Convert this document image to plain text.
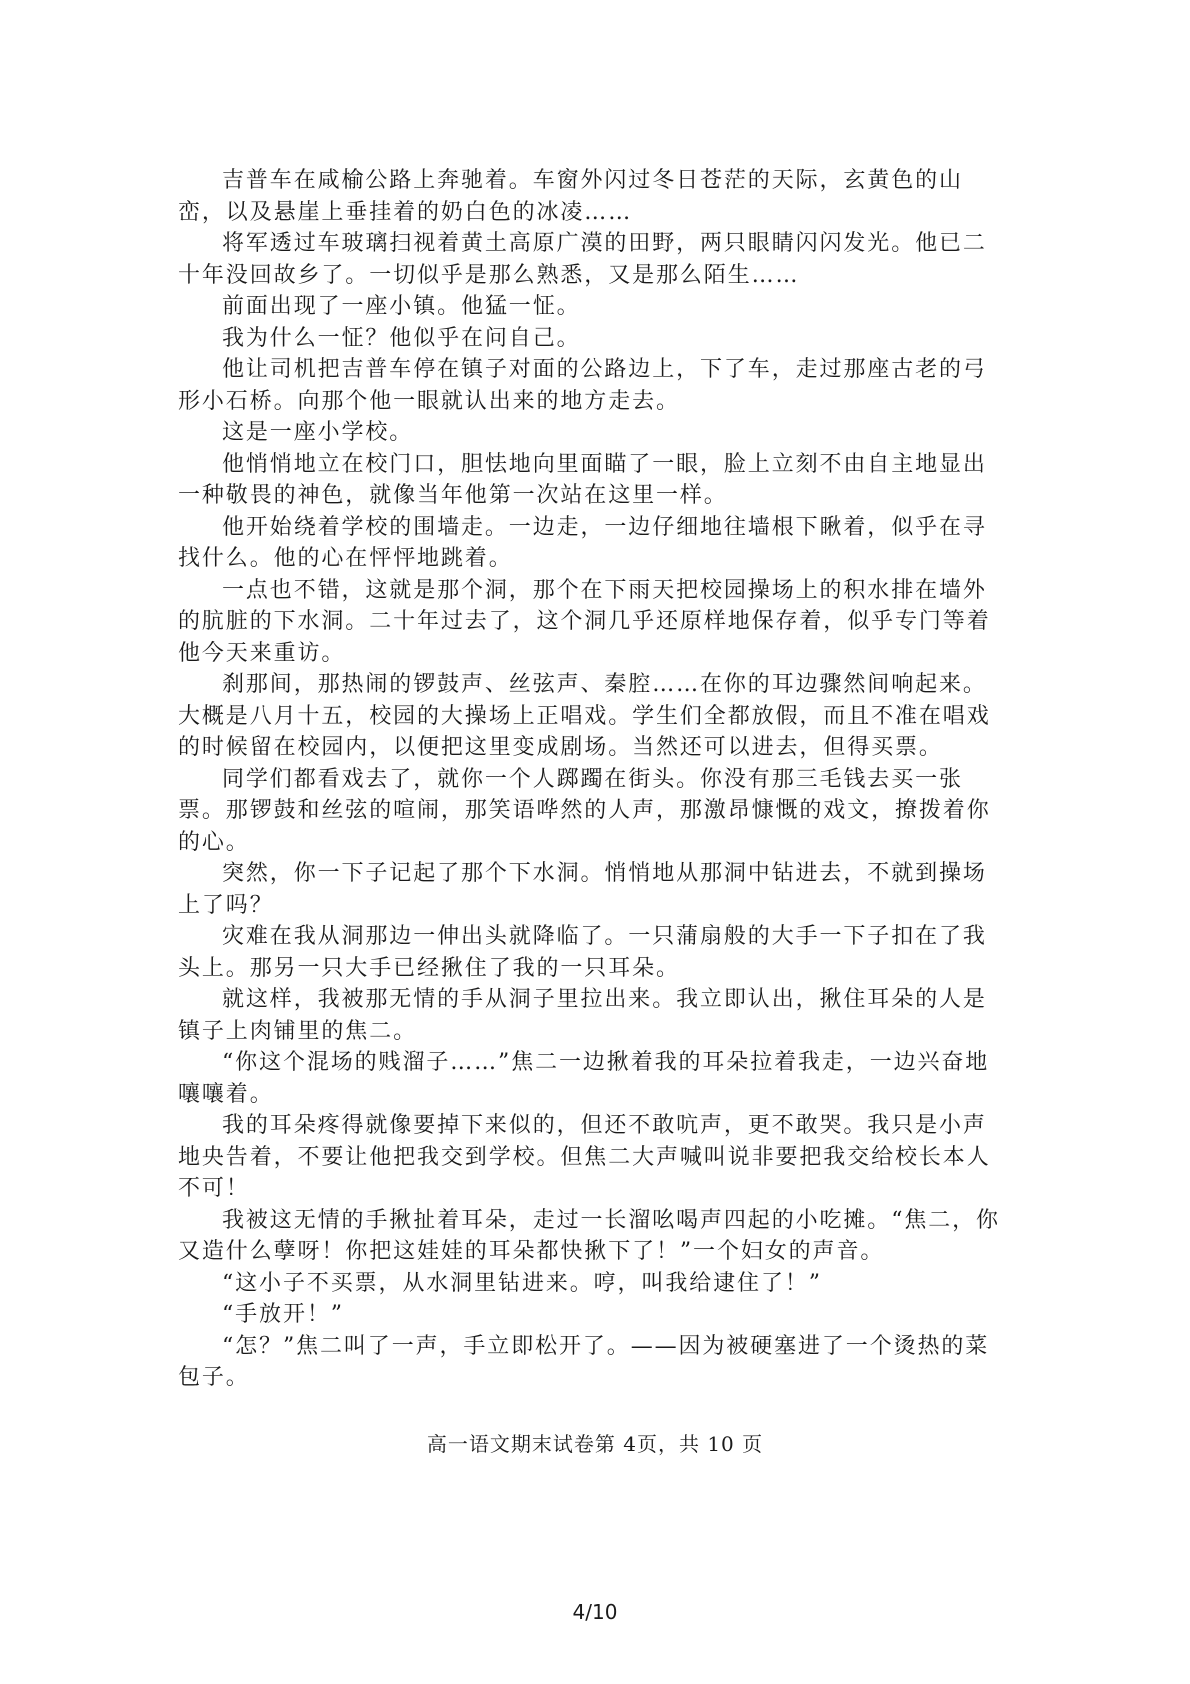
吉普车在咸榆公路上奔驰着。车窗外闪过冬日苍茫的天际，玄黄色的山峦，以及悬崖上垂挂着的奶白色的冰凌……

将军透过车玻璃扫视着黄土高原广漠的田野，两只眼睛闪闪发光。他已二十年没回故乡了。一切似乎是那么熟悉，又是那么陌生……

前面出现了一座小镇。他猛一怔。

我为什么一怔？他似乎在问自己。

他让司机把吉普车停在镇子对面的公路边上，下了车，走过那座古老的弓形小石桥。向那个他一眼就认出来的地方走去。

这是一座小学校。

他悄悄地立在校门口，胆怯地向里面瞄了一眼，脸上立刻不由自主地显出一种敬畏的神色，就像当年他第一次站在这里一样。

他开始绕着学校的围墙走。一边走，一边仔细地往墙根下瞅着，似乎在寻找什么。他的心在怦怦地跳着。

一点也不错，这就是那个洞，那个在下雨天把校园操场上的积水排在墙外的肮脏的下水洞。二十年过去了，这个洞几乎还原样地保存着，似乎专门等着他今天来重访。

刹那间，那热闹的锣鼓声、丝弦声、秦腔……在你的耳边骤然间响起来。大概是八月十五，校园的大操场上正唱戏。学生们全都放假，而且不准在唱戏的时候留在校园内，以便把这里变成剧场。当然还可以进去，但得买票。

同学们都看戏去了，就你一个人踯躅在街头。你没有那三毛钱去买一张票。那锣鼓和丝弦的喧闹，那笑语哗然的人声，那激昂慷慨的戏文，撩拨着你的心。

突然，你一下子记起了那个下水洞。悄悄地从那洞中钻进去，不就到操场上了吗？

灾难在我从洞那边一伸出头就降临了。一只蒲扇般的大手一下子扣在了我头上。那另一只大手已经揪住了我的一只耳朵。

就这样，我被那无情的手从洞子里拉出来。我立即认出，揪住耳朵的人是镇子上肉铺里的焦二。

“你这个混场的贱溜子……”焦二一边揪着我的耳朵拉着我走，一边兴奋地嚷嚷着。

我的耳朵疼得就像要掉下来似的，但还不敢吭声，更不敢哭。我只是小声地央告着，不要让他把我交到学校。但焦二大声喊叫说非要把我交给校长本人不可！

我被这无情的手揪扯着耳朵，走过一长溜吆喝声四起的小吃摊。“焦二，你又造什么孽呀！你把这娃娃的耳朵都快揪下了！”一个妇女的声音。

“这小子不买票，从水洞里钻进来。哼，叫我给逮住了！”

“手放开！”

“怎？”焦二叫了一声，手立即松开了。——因为被硬塞进了一个烫热的菜包子。

高一语文期末试卷第 4页，共 10 页
4/10
